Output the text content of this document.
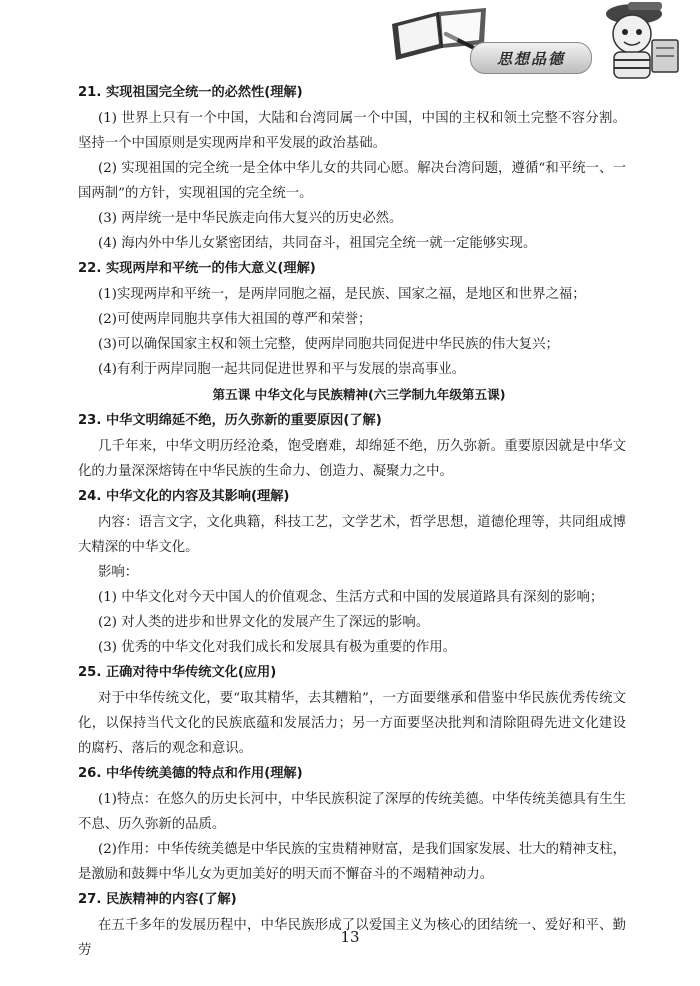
思想品德
21. 实现祖国完全统一的必然性(理解)
(1) 世界上只有一个中国，大陆和台湾同属一个中国，中国的主权和领土完整不容分割。坚持一个中国原则是实现两岸和平发展的政治基础。
(2) 实现祖国的完全统一是全体中华儿女的共同心愿。解决台湾问题，遵循“和平统一、一国两制”的方针，实现祖国的完全统一。
(3) 两岸统一是中华民族走向伟大复兴的历史必然。
(4) 海内外中华儿女紧密团结，共同奋斗，祖国完全统一就一定能够实现。
22. 实现两岸和平统一的伟大意义(理解)
(1)实现两岸和平统一，是两岸同胞之福，是民族、国家之福，是地区和世界之福；
(2)可使两岸同胞共享伟大祖国的尊严和荣誉；
(3)可以确保国家主权和领土完整，使两岸同胞共同促进中华民族的伟大复兴；
(4)有利于两岸同胞一起共同促进世界和平与发展的崇高事业。
第五课 中华文化与民族精神(六三学制九年级第五课)
23. 中华文明绵延不绝，历久弥新的重要原因(了解)
几千年来，中华文明历经沧桑，饱受磨难，却绵延不绝，历久弥新。重要原因就是中华文化的力量深深熔铸在中华民族的生命力、创造力、凝聚力之中。
24. 中华文化的内容及其影响(理解)
内容：语言文字，文化典籍，科技工艺，文学艺术，哲学思想，道德伦理等，共同组成博大精深的中华文化。
影响：
(1) 中华文化对今天中国人的价值观念、生活方式和中国的发展道路具有深刻的影响；
(2) 对人类的进步和世界文化的发展产生了深远的影响。
(3) 优秀的中华文化对我们成长和发展具有极为重要的作用。
25. 正确对待中华传统文化(应用)
对于中华传统文化，要“取其精华，去其糟粕”，一方面要继承和借鉴中华民族优秀传统文化，以保持当代文化的民族底蕴和发展活力；另一方面要坚决批判和清除阻碍先进文化建设的腐朽、落后的观念和意识。
26. 中华传统美德的特点和作用(理解)
(1)特点：在悠久的历史长河中，中华民族积淀了深厚的传统美德。中华传统美德具有生生不息、历久弥新的品质。
(2)作用：中华传统美德是中华民族的宝贵精神财富，是我们国家发展、壮大的精神支柱，是激励和鼓舞中华儿女为更加美好的明天而不懈奋斗的不竭精神动力。
27. 民族精神的内容(了解)
在五千多年的发展历程中，中华民族形成了以爱国主义为核心的团结统一、爱好和平、勤劳
13
